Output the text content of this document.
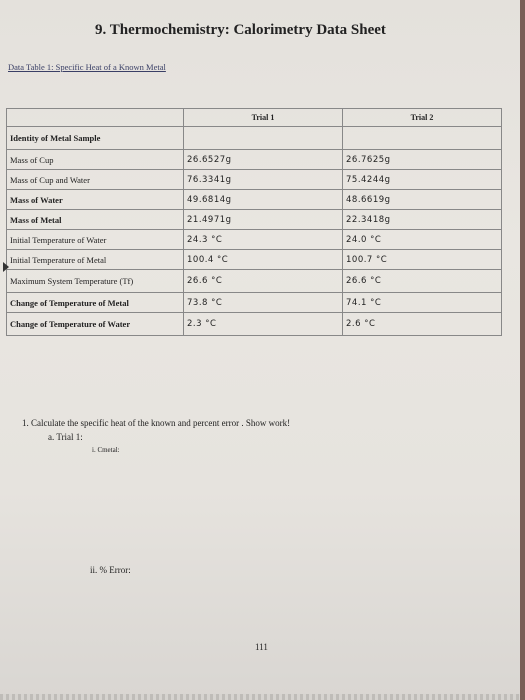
9. Thermochemistry: Calorimetry Data Sheet
Data Table 1: Specific Heat of a Known Metal
	Trial 1	Trial 2
Identity of Metal Sample		
Mass of Cup	26.6527g	26.7625g
Mass of Cup and Water	76.3341g	75.4244g
Mass of Water	49.6814g	48.6619g
Mass of Metal	21.4971g	22.3418g
Initial Temperature of Water	24.3 °C	24.0 °C
Initial Temperature of Metal	100.4 °C	100.7 °C
Maximum System Temperature (Tf)	26.6 °C	26.6 °C
Change of Temperature of Metal	73.8 °C	74.1 °C
Change of Temperature of Water	2.3 °C	2.6 °C
1. Calculate the specific heat of the known and percent error . Show work!
a. Trial 1:
i. Cmetal:
ii. % Error:
111
